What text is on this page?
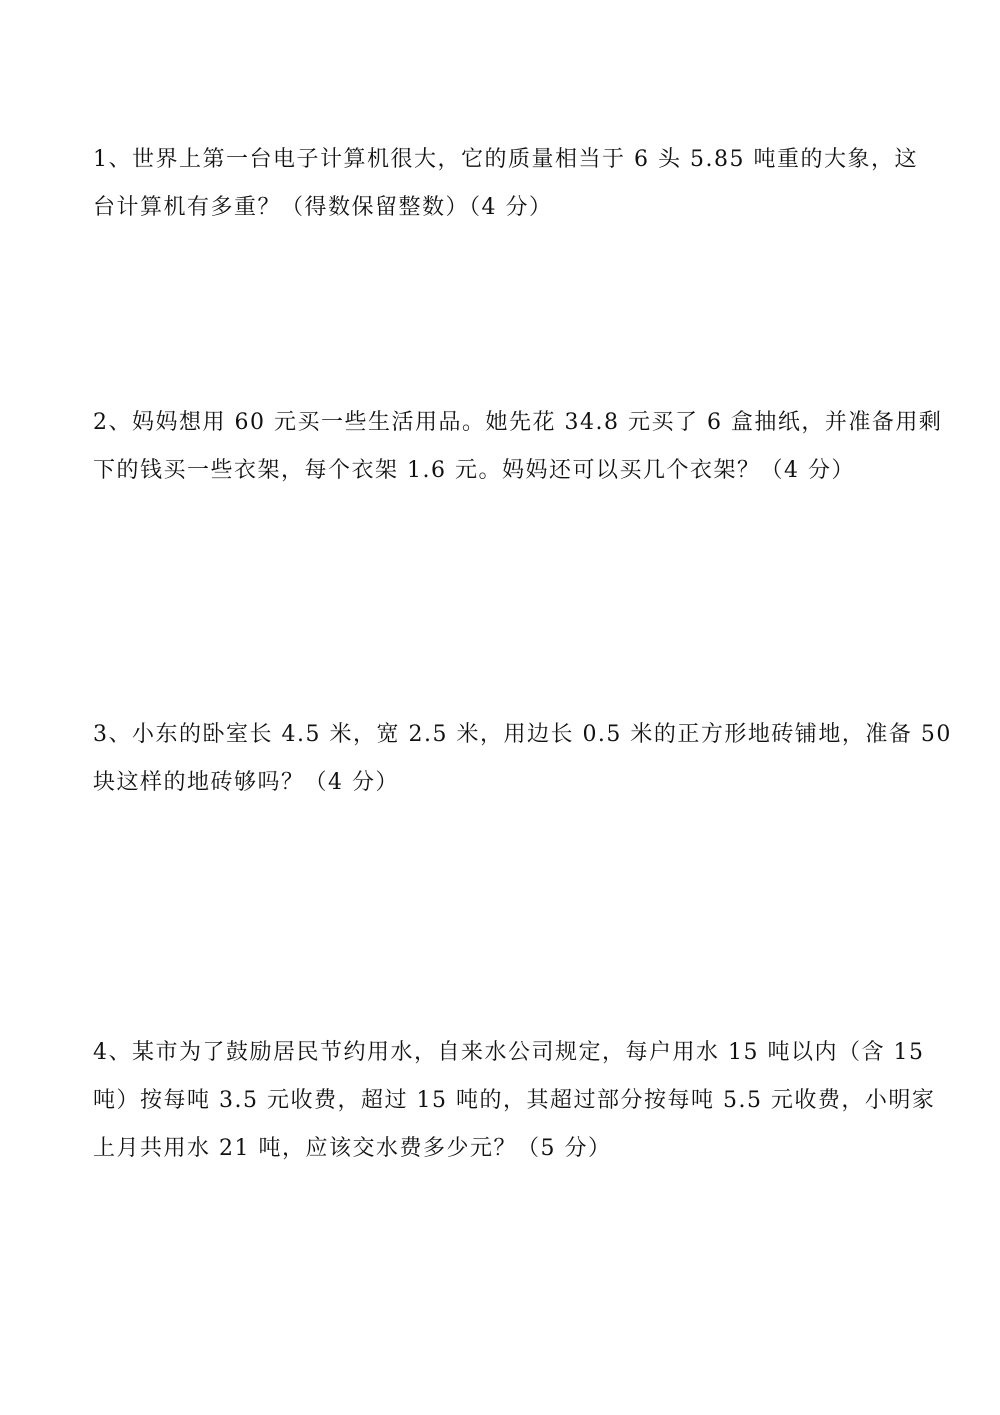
1、世界上第一台电子计算机很大，它的质量相当于 6 头 5.85 吨重的大象，这
台计算机有多重？（得数保留整数）（4 分）
2、妈妈想用 60 元买一些生活用品。她先花 34.8 元买了 6 盒抽纸，并准备用剩
下的钱买一些衣架，每个衣架 1.6 元。妈妈还可以买几个衣架？（4 分）
3、小东的卧室长 4.5 米，宽 2.5 米，用边长 0.5 米的正方形地砖铺地，准备 50
块这样的地砖够吗？（4 分）
4、某市为了鼓励居民节约用水，自来水公司规定，每户用水 15 吨以内（含 15
吨）按每吨 3.5 元收费，超过 15 吨的，其超过部分按每吨 5.5 元收费，小明家
上月共用水 21 吨，应该交水费多少元？（5 分）
